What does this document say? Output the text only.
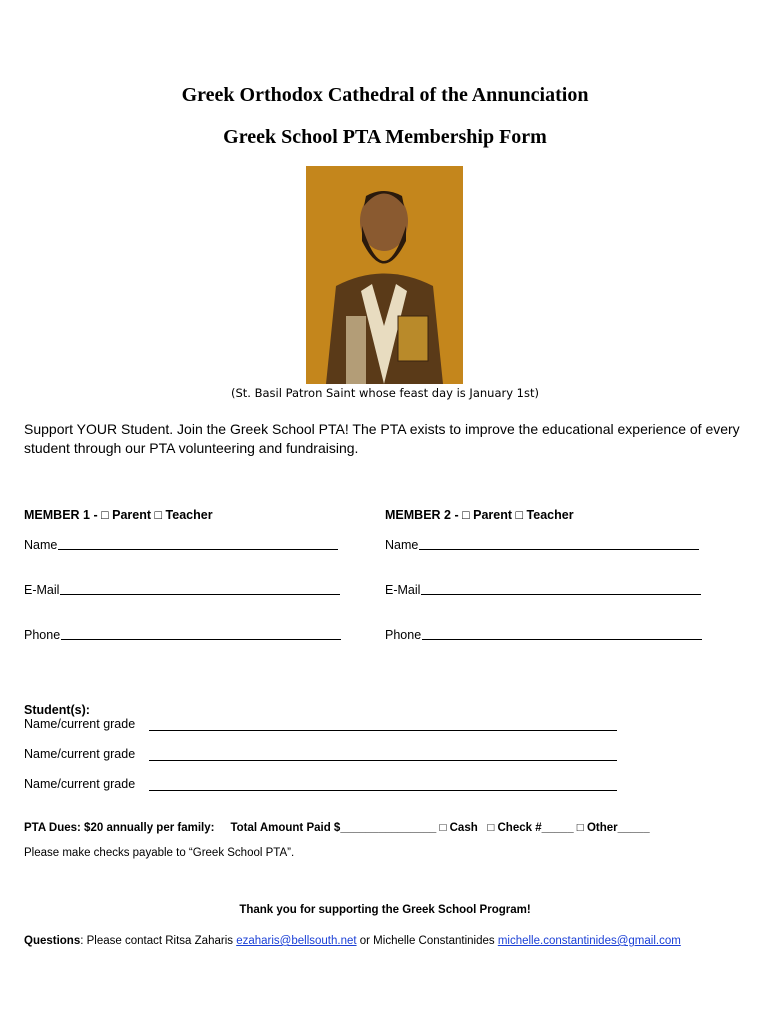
Greek Orthodox Cathedral of the Annunciation
Greek School PTA Membership Form
(St. Basil Patron Saint whose feast day is January 1st)
Support YOUR Student. Join the Greek School PTA! The PTA exists to improve the educational experience of every student through our PTA volunteering and fundraising.
MEMBER 1 - □ Parent □ Teacher
Name
E-Mail
Phone
MEMBER 2 - □ Parent □ Teacher
Name
E-Mail
Phone
Student(s):
Name/current grade
Name/current grade
Name/current grade
PTA Dues: $20 annually per family: Total Amount Paid $_______________ □ Cash □ Check #_____ □ Other_____
Please make checks payable to “Greek School PTA”.
Thank you for supporting the Greek School Program!
Questions: Please contact Ritsa Zaharis ezaharis@bellsouth.net or Michelle Constantinides michelle.constantinides@gmail.com
